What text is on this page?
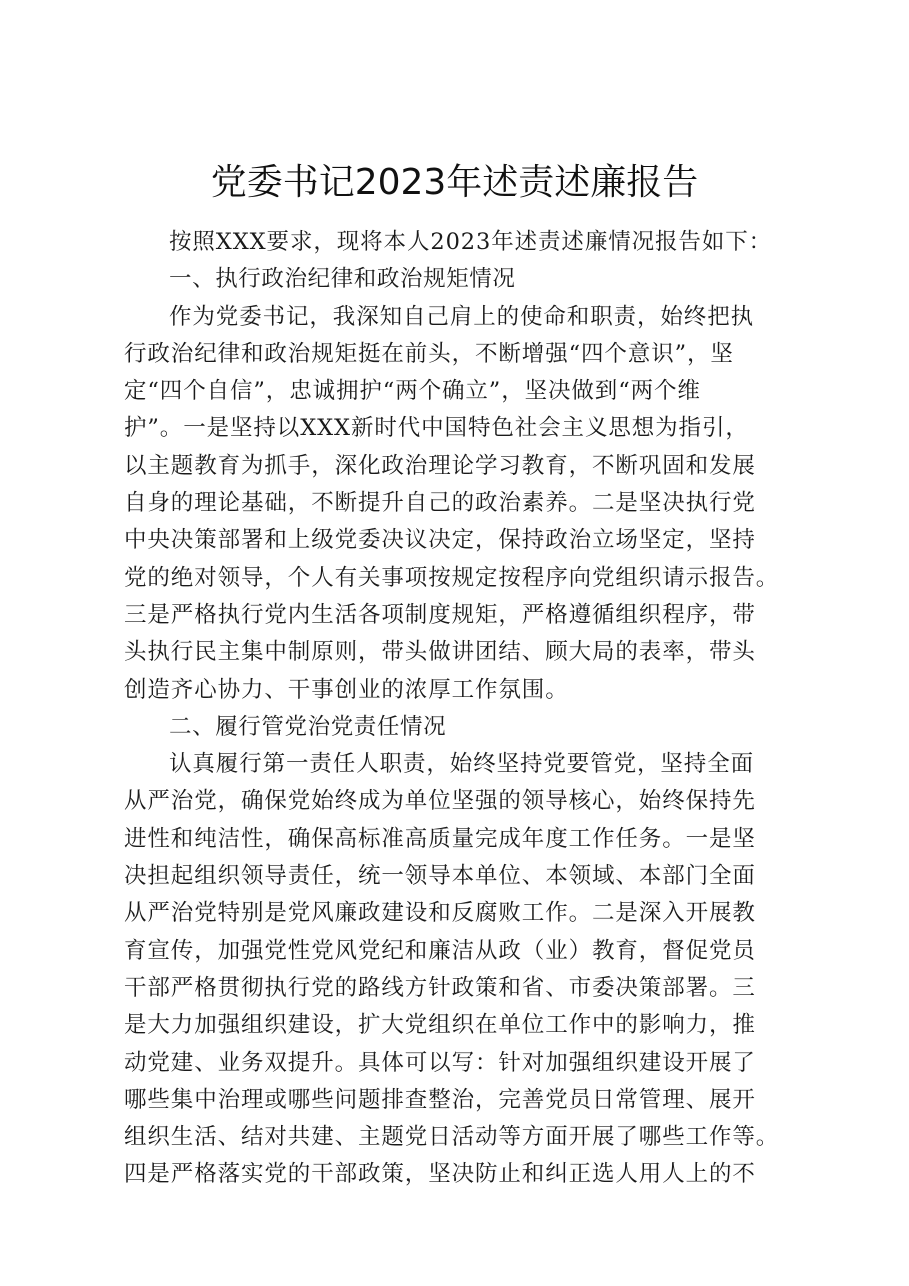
党委书记2023年述责述廉报告

按照XXX要求，现将本人2023年述责述廉情况报告如下：

一、执行政治纪律和政治规矩情况

作为党委书记，我深知自己肩上的使命和职责，始终把执
行政治纪律和政治规矩挺在前头，不断增强“四个意识”，坚
定“四个自信”，忠诚拥护“两个确立”，坚决做到“两个维
护”。一是坚持以XXX新时代中国特色社会主义思想为指引，
以主题教育为抓手，深化政治理论学习教育，不断巩固和发展
自身的理论基础，不断提升自己的政治素养。二是坚决执行党
中央决策部署和上级党委决议决定，保持政治立场坚定，坚持
党的绝对领导，个人有关事项按规定按程序向党组织请示报告。
三是严格执行党内生活各项制度规矩，严格遵循组织程序，带
头执行民主集中制原则，带头做讲团结、顾大局的表率，带头
创造齐心协力、干事创业的浓厚工作氛围。

二、履行管党治党责任情况

认真履行第一责任人职责，始终坚持党要管党，坚持全面
从严治党，确保党始终成为单位坚强的领导核心，始终保持先
进性和纯洁性，确保高标准高质量完成年度工作任务。一是坚
决担起组织领导责任，统一领导本单位、本领域、本部门全面
从严治党特别是党风廉政建设和反腐败工作。二是深入开展教
育宣传，加强党性党风党纪和廉洁从政（业）教育，督促党员
干部严格贯彻执行党的路线方针政策和省、市委决策部署。三
是大力加强组织建设，扩大党组织在单位工作中的影响力，推
动党建、业务双提升。具体可以写：针对加强组织建设开展了
哪些集中治理或哪些问题排查整治，完善党员日常管理、展开
组织生活、结对共建、主题党日活动等方面开展了哪些工作等。
四是严格落实党的干部政策，坚决防止和纠正选人用人上的不
